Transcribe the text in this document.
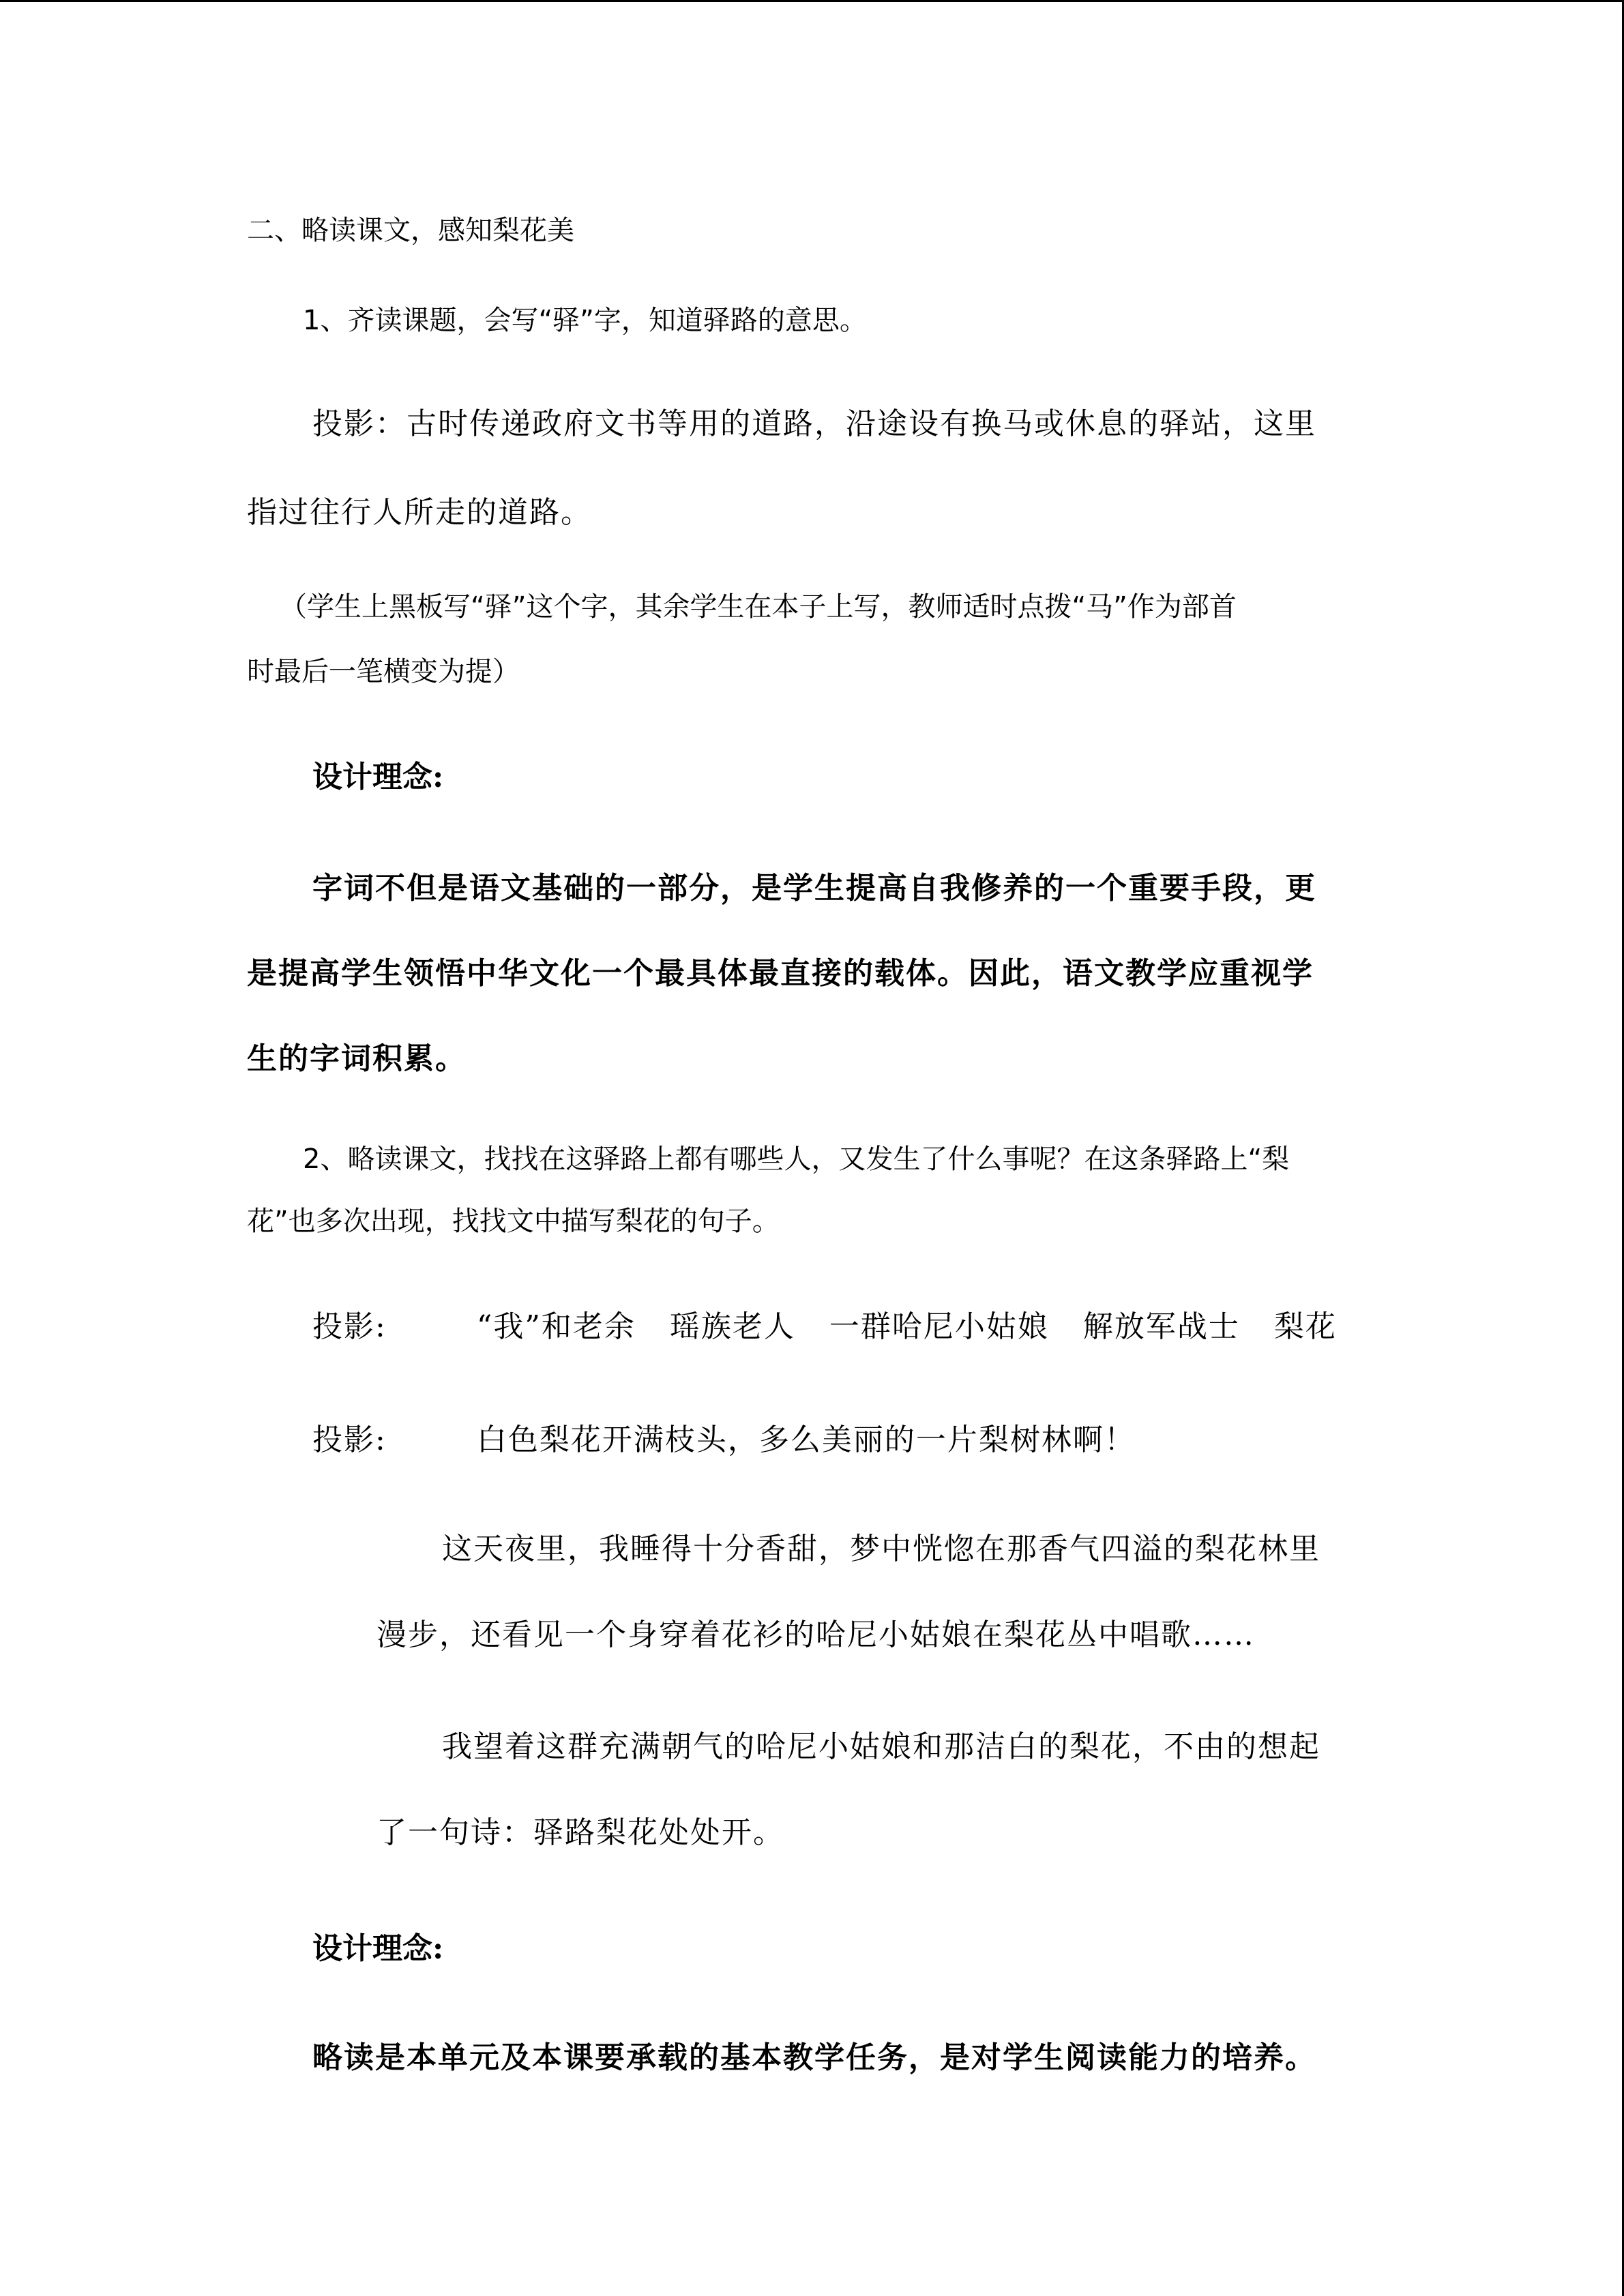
二、略读课文，感知梨花美

1、齐读课题，会写“驿”字，知道驿路的意思。

投影：古时传递政府文书等用的道路，沿途设有换马或休息的驿站，这里

指过往行人所走的道路。

（学生上黑板写“驿”这个字，其余学生在本子上写，教师适时点拨“马”作为部首

时最后一笔横变为提）

设计理念:

字词不但是语文基础的一部分，是学生提高自我修养的一个重要手段，更

是提高学生领悟中华文化一个最具体最直接的载体。因此，语文教学应重视学

生的字词积累。

2、略读课文，找找在这驿路上都有哪些人，又发生了什么事呢？在这条驿路上“梨

花”也多次出现，找找文中描写梨花的句子。

投影:	“我”和老余 瑶族老人 一群哈尼小姑娘 解放军战士 梨花
投影:	白色梨花开满枝头，多么美丽的一片梨树林啊！

这天夜里，我睡得十分香甜，梦中恍惚在那香气四溢的梨花林里

漫步，还看见一个身穿着花衫的哈尼小姑娘在梨花丛中唱歌……

我望着这群充满朝气的哈尼小姑娘和那洁白的梨花，不由的想起

了一句诗：驿路梨花处处开。

设计理念:

略读是本单元及本课要承载的基本教学任务，是对学生阅读能力的培养。
